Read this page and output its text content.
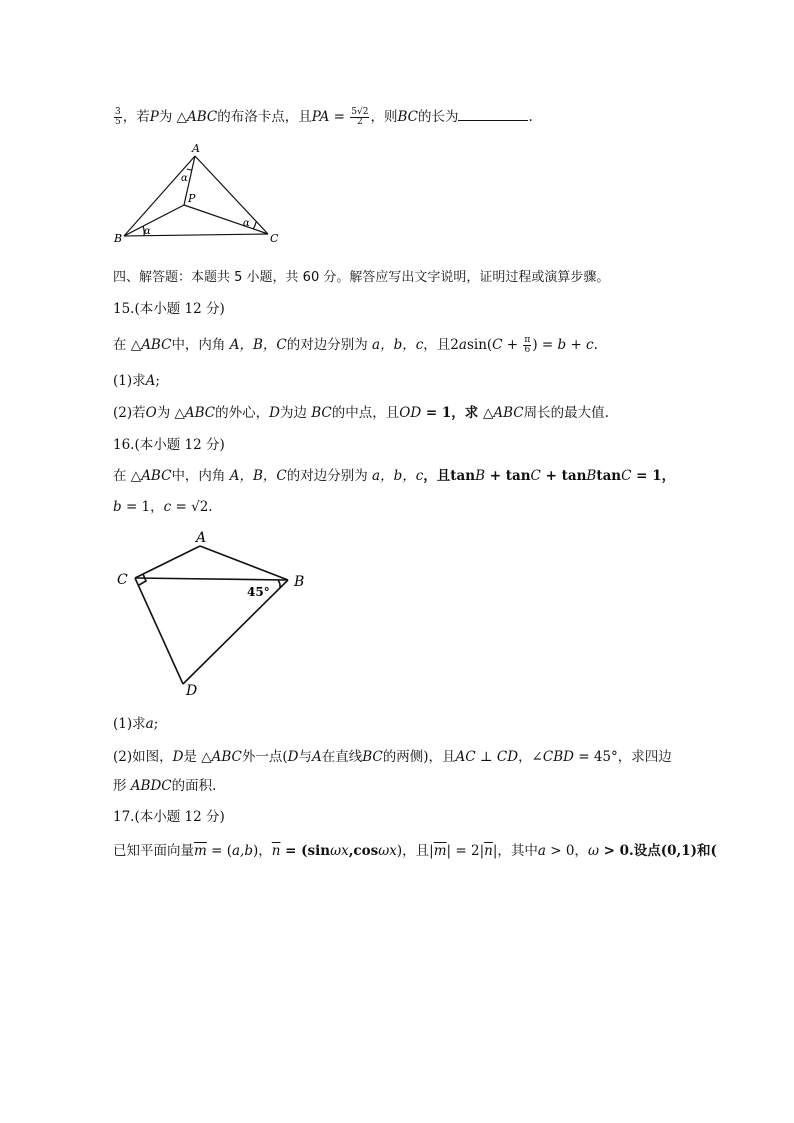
$\frac{3}{5}$ ，若P为 △ABC的布洛卡点，且PA = $\frac{5√2}{2}$ ，则BC的长为	.
A
B	C
P
α
α
α
四、解答题：本题共 5 小题，共 60 分。解答应写出文字说明，证明过程或演算步骤。
15.(本小题 12 分)
在 △ABC中，内角 A，B，C的对边分别为 a，b，c，且$2asin(C + \frac{\pi}{6}$ ) = b + c.
(1)求A;
(2)若O为 △ABC的外心，D为边 BC的中点，且OD = 1，求 △ABC周长的最大值.
16.(本小题 12 分)
在 △ABC中，内角 A，B，C的对边分别为 a，b，c，且tanB + tanC + tanBtanC = 1，
b = 1，c = √2.
A
C	B
D
45°
(1)求a;
(2)如图，D是 △ABC外一点(D与A在直线BC的两侧)，且AC ⊥ CD，∠CBD = 45°，求四边
形 ABDC的面积.
17.(本小题 12 分)
已知平面向量$\overline{m} = (a,b)$，$\overline{n} = (\sin\omega x,\cos\omega x)$，且$|\overline{m}| = 2|\overline{n}|$，其中a > 0，ω > 0.设点(0,1)和(
